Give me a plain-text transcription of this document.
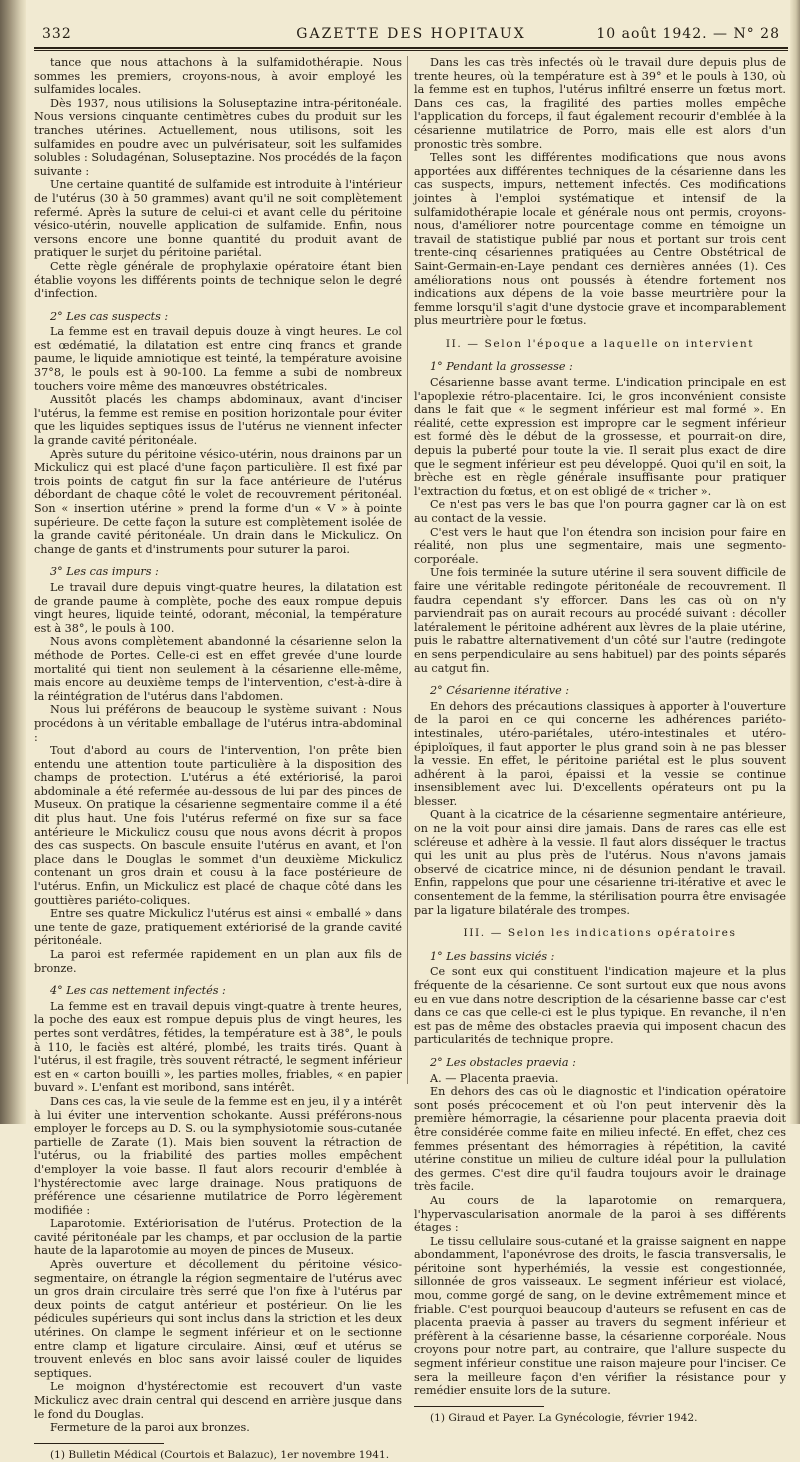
332	GAZETTE DES HOPITAUX	10 août 1942. — N° 28

tance que nous attachons à la sulfamidothérapie. Nous sommes les premiers, croyons-nous, à avoir employé les sulfamides locales.

Dès 1937, nous utilisions la Soluseptazine intra-péritonéale. Nous versions cinquante centimètres cubes du produit sur les tranches utérines. Actuellement, nous utilisons, soit les sulfamides en poudre avec un pulvérisateur, soit les sulfamides solubles : Soludagénan, Soluseptazine. Nos procédés de la façon suivante :

Une certaine quantité de sulfamide est introduite à l'intérieur de l'utérus (30 à 50 grammes) avant qu'il ne soit complètement refermé. Après la suture de celui-ci et avant celle du péritoine vésico-utérin, nouvelle application de sulfamide. Enfin, nous versons encore une bonne quantité du produit avant de pratiquer le surjet du péritoine pariétal.

Cette règle générale de prophylaxie opératoire étant bien établie voyons les différents points de technique selon le degré d'infection.

2° Les cas suspects :

La femme est en travail depuis douze à vingt heures. Le col est œdématié, la dilatation est entre cinq francs et grande paume, le liquide amniotique est teinté, la température avoisine 37°8, le pouls est à 90-100. La femme a subi de nombreux touchers voire même des manœuvres obstétricales.

Aussitôt placés les champs abdominaux, avant d'inciser l'utérus, la femme est remise en position horizontale pour éviter que les liquides septiques issus de l'utérus ne viennent infecter la grande cavité péritonéale.

Après suture du péritoine vésico-utérin, nous drainons par un Mickulicz qui est placé d'une façon particulière. Il est fixé par trois points de catgut fin sur la face antérieure de l'utérus débordant de chaque côté le volet de recouvrement péritonéal. Son « insertion utérine » prend la forme d'un « V » à pointe supérieure. De cette façon la suture est complètement isolée de la grande cavité péritonéale. Un drain dans le Mickulicz. On change de gants et d'instruments pour suturer la paroi.

3° Les cas impurs :

Le travail dure depuis vingt-quatre heures, la dilatation est de grande paume à complète, poche des eaux rompue depuis vingt heures, liquide teinté, odorant, méconial, la température est à 38°, le pouls à 100.

Nous avons complètement abandonné la césarienne selon la méthode de Portes. Celle-ci est en effet grevée d'une lourde mortalité qui tient non seulement à la césarienne elle-même, mais encore au deuxième temps de l'intervention, c'est-à-dire à la réintégration de l'utérus dans l'abdomen.

Nous lui préférons de beaucoup le système suivant : Nous procédons à un véritable emballage de l'utérus intra-abdominal :

Tout d'abord au cours de l'intervention, l'on prête bien entendu une attention toute particulière à la disposition des champs de protection. L'utérus a été extériorisé, la paroi abdominale a été refermée au-dessous de lui par des pinces de Museux. On pratique la césarienne segmentaire comme il a été dit plus haut. Une fois l'utérus refermé on fixe sur sa face antérieure le Mickulicz cousu que nous avons décrit à propos des cas suspects. On bascule ensuite l'utérus en avant, et l'on place dans le Douglas le sommet d'un deuxième Mickulicz contenant un gros drain et cousu à la face postérieure de l'utérus. Enfin, un Mickulicz est placé de chaque côté dans les gouttières pariéto-coliques.

Entre ses quatre Mickulicz l'utérus est ainsi « emballé » dans une tente de gaze, pratiquement extériorisé de la grande cavité péritonéale.

La paroi est refermée rapidement en un plan aux fils de bronze.

4° Les cas nettement infectés :

La femme est en travail depuis vingt-quatre à trente heures, la poche des eaux est rompue depuis plus de vingt heures, les pertes sont verdâtres, fétides, la température est à 38°, le pouls à 110, le faciès est altéré, plombé, les traits tirés. Quant à l'utérus, il est fragile, très souvent rétracté, le segment inférieur est en « carton bouilli », les parties molles, friables, « en papier buvard ». L'enfant est moribond, sans intérêt.

Dans ces cas, la vie seule de la femme est en jeu, il y a intérêt à lui éviter une intervention schokante. Aussi préférons-nous employer le forceps au D. S. ou la symphysiotomie sous-cutanée partielle de Zarate (1). Mais bien souvent la rétraction de l'utérus, ou la friabilité des parties molles empêchent d'employer la voie basse. Il faut alors recourir d'emblée à l'hystérectomie avec large drainage. Nous pratiquons de préférence une césarienne mutilatrice de Porro légèrement modifiée :

Laparotomie. Extériorisation de l'utérus. Protection de la cavité péritonéale par les champs, et par occlusion de la partie haute de la laparotomie au moyen de pinces de Museux.

Après ouverture et décollement du péritoine vésico-segmentaire, on étrangle la région segmentaire de l'utérus avec un gros drain circulaire très serré que l'on fixe à l'utérus par deux points de catgut antérieur et postérieur. On lie les pédicules supérieurs qui sont inclus dans la striction et les deux utérines. On clampe le segment inférieur et on le sectionne entre clamp et ligature circulaire. Ainsi, œuf et utérus se trouvent enlevés en bloc sans avoir laissé couler de liquides septiques.

Le moignon d'hystérectomie est recouvert d'un vaste Mickulicz avec drain central qui descend en arrière jusque dans le fond du Douglas.

Fermeture de la paroi aux bronzes.

(1) Bulletin Médical (Courtois et Balazuc), 1er novembre 1941.

Dans les cas très infectés où le travail dure depuis plus de trente heures, où la température est à 39° et le pouls à 130, où la femme est en tuphos, l'utérus infiltré enserre un fœtus mort. Dans ces cas, la fragilité des parties molles empêche l'application du forceps, il faut également recourir d'emblée à la césarienne mutilatrice de Porro, mais elle est alors d'un pronostic très sombre.

Telles sont les différentes modifications que nous avons apportées aux différentes techniques de la césarienne dans les cas suspects, impurs, nettement infectés. Ces modifications jointes à l'emploi systématique et intensif de la sulfamidothérapie locale et générale nous ont permis, croyons-nous, d'améliorer notre pourcentage comme en témoigne un travail de statistique publié par nous et portant sur trois cent trente-cinq césariennes pratiquées au Centre Obstétrical de Saint-Germain-en-Laye pendant ces dernières années (1). Ces améliorations nous ont poussés à étendre fortement nos indications aux dépens de la voie basse meurtrière pour la femme lorsqu'il s'agit d'une dystocie grave et incomparablement plus meurtrière pour le fœtus.

II. — Selon l'époque a laquelle on intervient
1° Pendant la grossesse :

Césarienne basse avant terme. L'indication principale en est l'apoplexie rétro-placentaire. Ici, le gros inconvénient consiste dans le fait que « le segment inférieur est mal formé ». En réalité, cette expression est impropre car le segment inférieur est formé dès le début de la grossesse, et pourrait-on dire, depuis la puberté pour toute la vie. Il serait plus exact de dire que le segment inférieur est peu développé. Quoi qu'il en soit, la brèche est en règle générale insuffisante pour pratiquer l'extraction du fœtus, et on est obligé de « tricher ».

Ce n'est pas vers le bas que l'on pourra gagner car là on est au contact de la vessie.

C'est vers le haut que l'on étendra son incision pour faire en réalité, non plus une segmentaire, mais une segmento-corporéale.

Une fois terminée la suture utérine il sera souvent difficile de faire une véritable redingote péritonéale de recouvrement. Il faudra cependant s'y efforcer. Dans les cas où on n'y parviendrait pas on aurait recours au procédé suivant : décoller latéralement le péritoine adhérent aux lèvres de la plaie utérine, puis le rabattre alternativement d'un côté sur l'autre (redingote en sens perpendiculaire au sens habituel) par des points séparés au catgut fin.

2° Césarienne itérative :

En dehors des précautions classiques à apporter à l'ouverture de la paroi en ce qui concerne les adhérences pariéto-intestinales, utéro-pariétales, utéro-intestinales et utéro-épiploïques, il faut apporter le plus grand soin à ne pas blesser la vessie. En effet, le péritoine pariétal est le plus souvent adhérent à la paroi, épaissi et la vessie se continue insensiblement avec lui. D'excellents opérateurs ont pu la blesser.

Quant à la cicatrice de la césarienne segmentaire antérieure, on ne la voit pour ainsi dire jamais. Dans de rares cas elle est scléreuse et adhère à la vessie. Il faut alors disséquer le tractus qui les unit au plus près de l'utérus. Nous n'avons jamais observé de cicatrice mince, ni de désunion pendant le travail. Enfin, rappelons que pour une césarienne tri-itérative et avec le consentement de la femme, la stérilisation pourra être envisagée par la ligature bilatérale des trompes.

III. — Selon les indications opératoires
1° Les bassins viciés :

Ce sont eux qui constituent l'indication majeure et la plus fréquente de la césarienne. Ce sont surtout eux que nous avons eu en vue dans notre description de la césarienne basse car c'est dans ce cas que celle-ci est le plus typique. En revanche, il n'en est pas de même des obstacles praevia qui imposent chacun des particularités de technique propre.

2° Les obstacles praevia :

A. — Placenta praevia.

En dehors des cas où le diagnostic et l'indication opératoire sont posés précocement et où l'on peut intervenir dès la première hémorragie, la césarienne pour placenta praevia doit être considérée comme faite en milieu infecté. En effet, chez ces femmes présentant des hémorragies à répétition, la cavité utérine constitue un milieu de culture idéal pour la pullulation des germes. C'est dire qu'il faudra toujours avoir le drainage très facile.

Au cours de la laparotomie on remarquera, l'hypervascularisation anormale de la paroi à ses différents étages :

Le tissu cellulaire sous-cutané et la graisse saignent en nappe abondamment, l'aponévrose des droits, le fascia transversalis, le péritoine sont hyperhémiés, la vessie est congestionnée, sillonnée de gros vaisseaux. Le segment inférieur est violacé, mou, comme gorgé de sang, on le devine extrêmement mince et friable. C'est pourquoi beaucoup d'auteurs se refusent en cas de placenta praevia à passer au travers du segment inférieur et préfèrent à la césarienne basse, la césarienne corporéale. Nous croyons pour notre part, au contraire, que l'allure suspecte du segment inférieur constitue une raison majeure pour l'inciser. Ce sera la meilleure façon d'en vérifier la résistance pour y remédier ensuite lors de la suture.

(1) Giraud et Payer. La Gynécologie, février 1942.
